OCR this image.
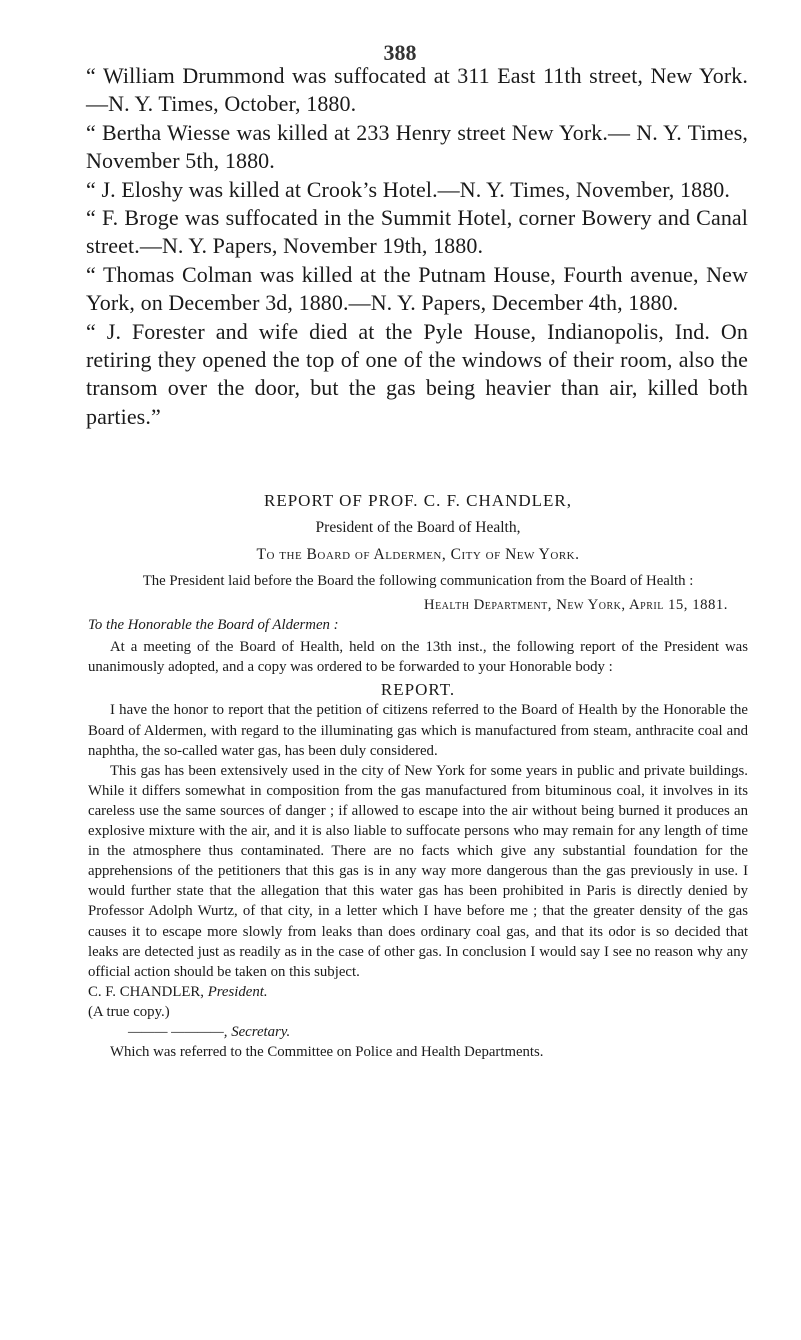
388

“ William Drummond was suffocated at 311 East 11th street, New York.—N. Y. Times, October, 1880.

“ Bertha Wiesse was killed at 233 Henry street New York.— N. Y. Times, November 5th, 1880.

“ J. Eloshy was killed at Crook’s Hotel.—N. Y. Times, November, 1880.

“ F. Broge was suffocated in the Summit Hotel, corner Bowery and Canal street.—N. Y. Papers, November 19th, 1880.

“ Thomas Colman was killed at the Putnam House, Fourth avenue, New York, on December 3d, 1880.—N. Y. Papers, December 4th, 1880.

“ J. Forester and wife died at the Pyle House, Indianopolis, Ind. On retiring they opened the top of one of the windows of their room, also the transom over the door, but the gas being heavier than air, killed both parties.”

REPORT OF PROF. C. F. CHANDLER,

President of the Board of Health,

To the Board of Aldermen, City of New York.

The President laid before the Board the following communication from the Board of Health :

Health Department, New York, April 15, 1881.

To the Honorable the Board of Aldermen :

At a meeting of the Board of Health, held on the 13th inst., the following report of the President was unanimously adopted, and a copy was ordered to be forwarded to your Honorable body :

REPORT.

I have the honor to report that the petition of citizens referred to the Board of Health by the Honorable the Board of Aldermen, with regard to the illuminating gas which is manufactured from steam, anthracite coal and naphtha, the so-called water gas, has been duly considered.

This gas has been extensively used in the city of New York for some years in public and private buildings. While it differs somewhat in composition from the gas manufactured from bituminous coal, it involves in its careless use the same sources of danger ; if allowed to escape into the air without being burned it produces an explosive mixture with the air, and it is also liable to suffocate persons who may remain for any length of time in the atmosphere thus contaminated. There are no facts which give any substantial foundation for the apprehensions of the petitioners that this gas is in any way more dangerous than the gas previously in use. I would further state that the allegation that this water gas has been prohibited in Paris is directly denied by Professor Adolph Wurtz, of that city, in a letter which I have before me ; that the greater density of the gas causes it to escape more slowly from leaks than does ordinary coal gas, and that its odor is so decided that leaks are detected just as readily as in the case of other gas. In conclusion I would say I see no reason why any official action should be taken on this subject.

C. F. CHANDLER, President.

(A true copy.)

——— ————, Secretary.

Which was referred to the Committee on Police and Health Departments.
